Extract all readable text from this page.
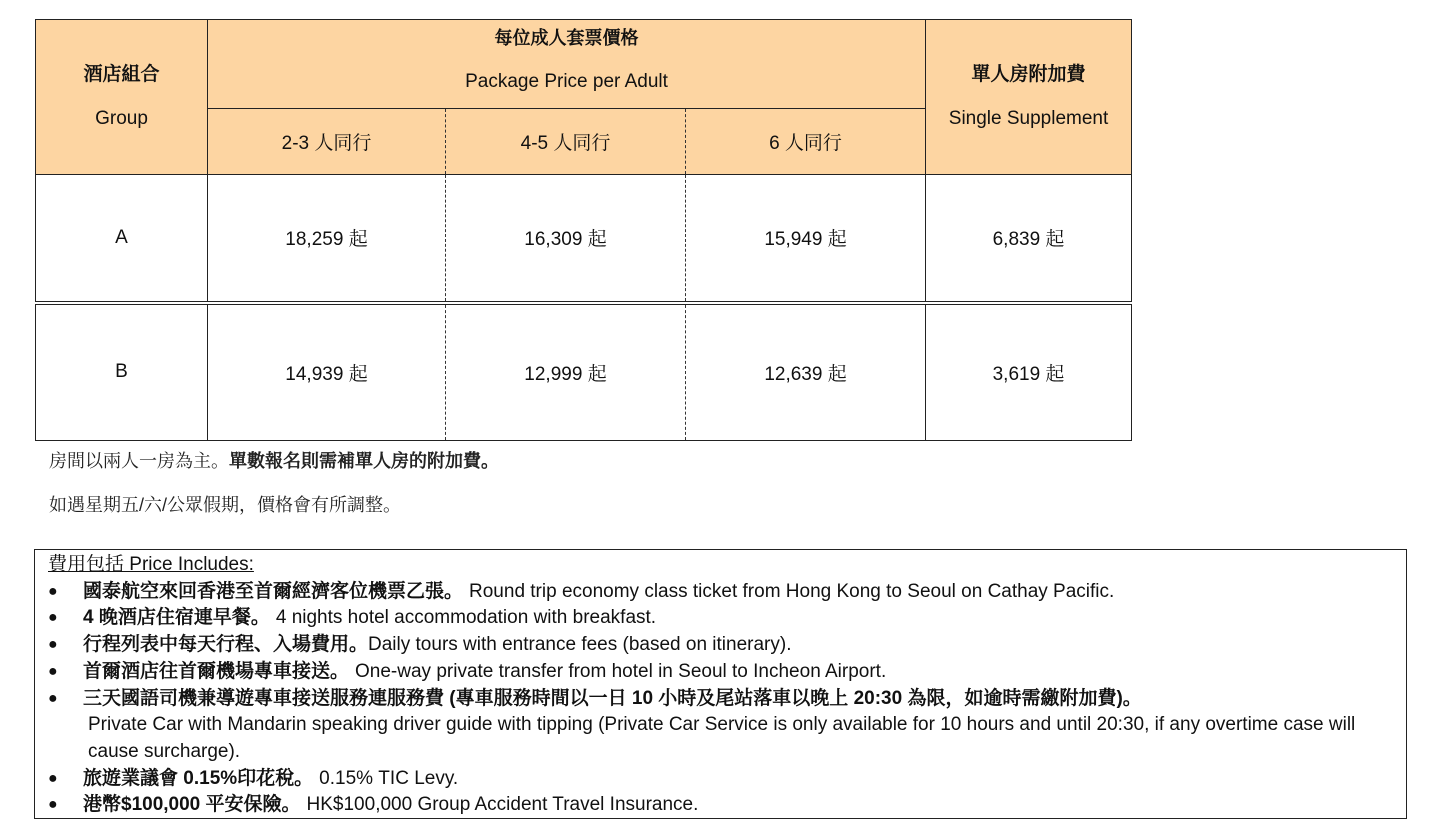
酒店組合
Group	每位成人套票價格
Package Price per Adult			單人房附加費
Single Supplement

	2-3 人同行	4-5 人同行	6 人同行	
A	18,259 起	16,309 起	15,949 起	6,839 起
B	14,939 起	12,999 起	12,639 起	3,619 起
房間以兩人一房為主。單數報名則需補單人房的附加費。
如遇星期五/六/公眾假期，價格會有所調整。
費用包括 Price Includes:
● 國泰航空來回香港至首爾經濟客位機票乙張。 Round trip economy class ticket from Hong Kong to Seoul on Cathay Pacific.
● 4 晚酒店住宿連早餐。 4 nights hotel accommodation with breakfast.
● 行程列表中每天行程、入場費用。Daily tours with entrance fees (based on itinerary).
● 首爾酒店往首爾機場專車接送。 One-way private transfer from hotel in Seoul to Incheon Airport.
● 三天國語司機兼導遊專車接送服務連服務費 (專車服務時間以一日 10 小時及尾站落車以晚上 20:30 為限，如逾時需繳附加費)。
Private Car with Mandarin speaking driver guide with tipping (Private Car Service is only available for 10 hours and until 20:30, if any overtime case will cause surcharge).
● 旅遊業議會 0.15%印花稅。 0.15% TIC Levy.
● 港幣$100,000 平安保險。 HK$100,000 Group Accident Travel Insurance.
